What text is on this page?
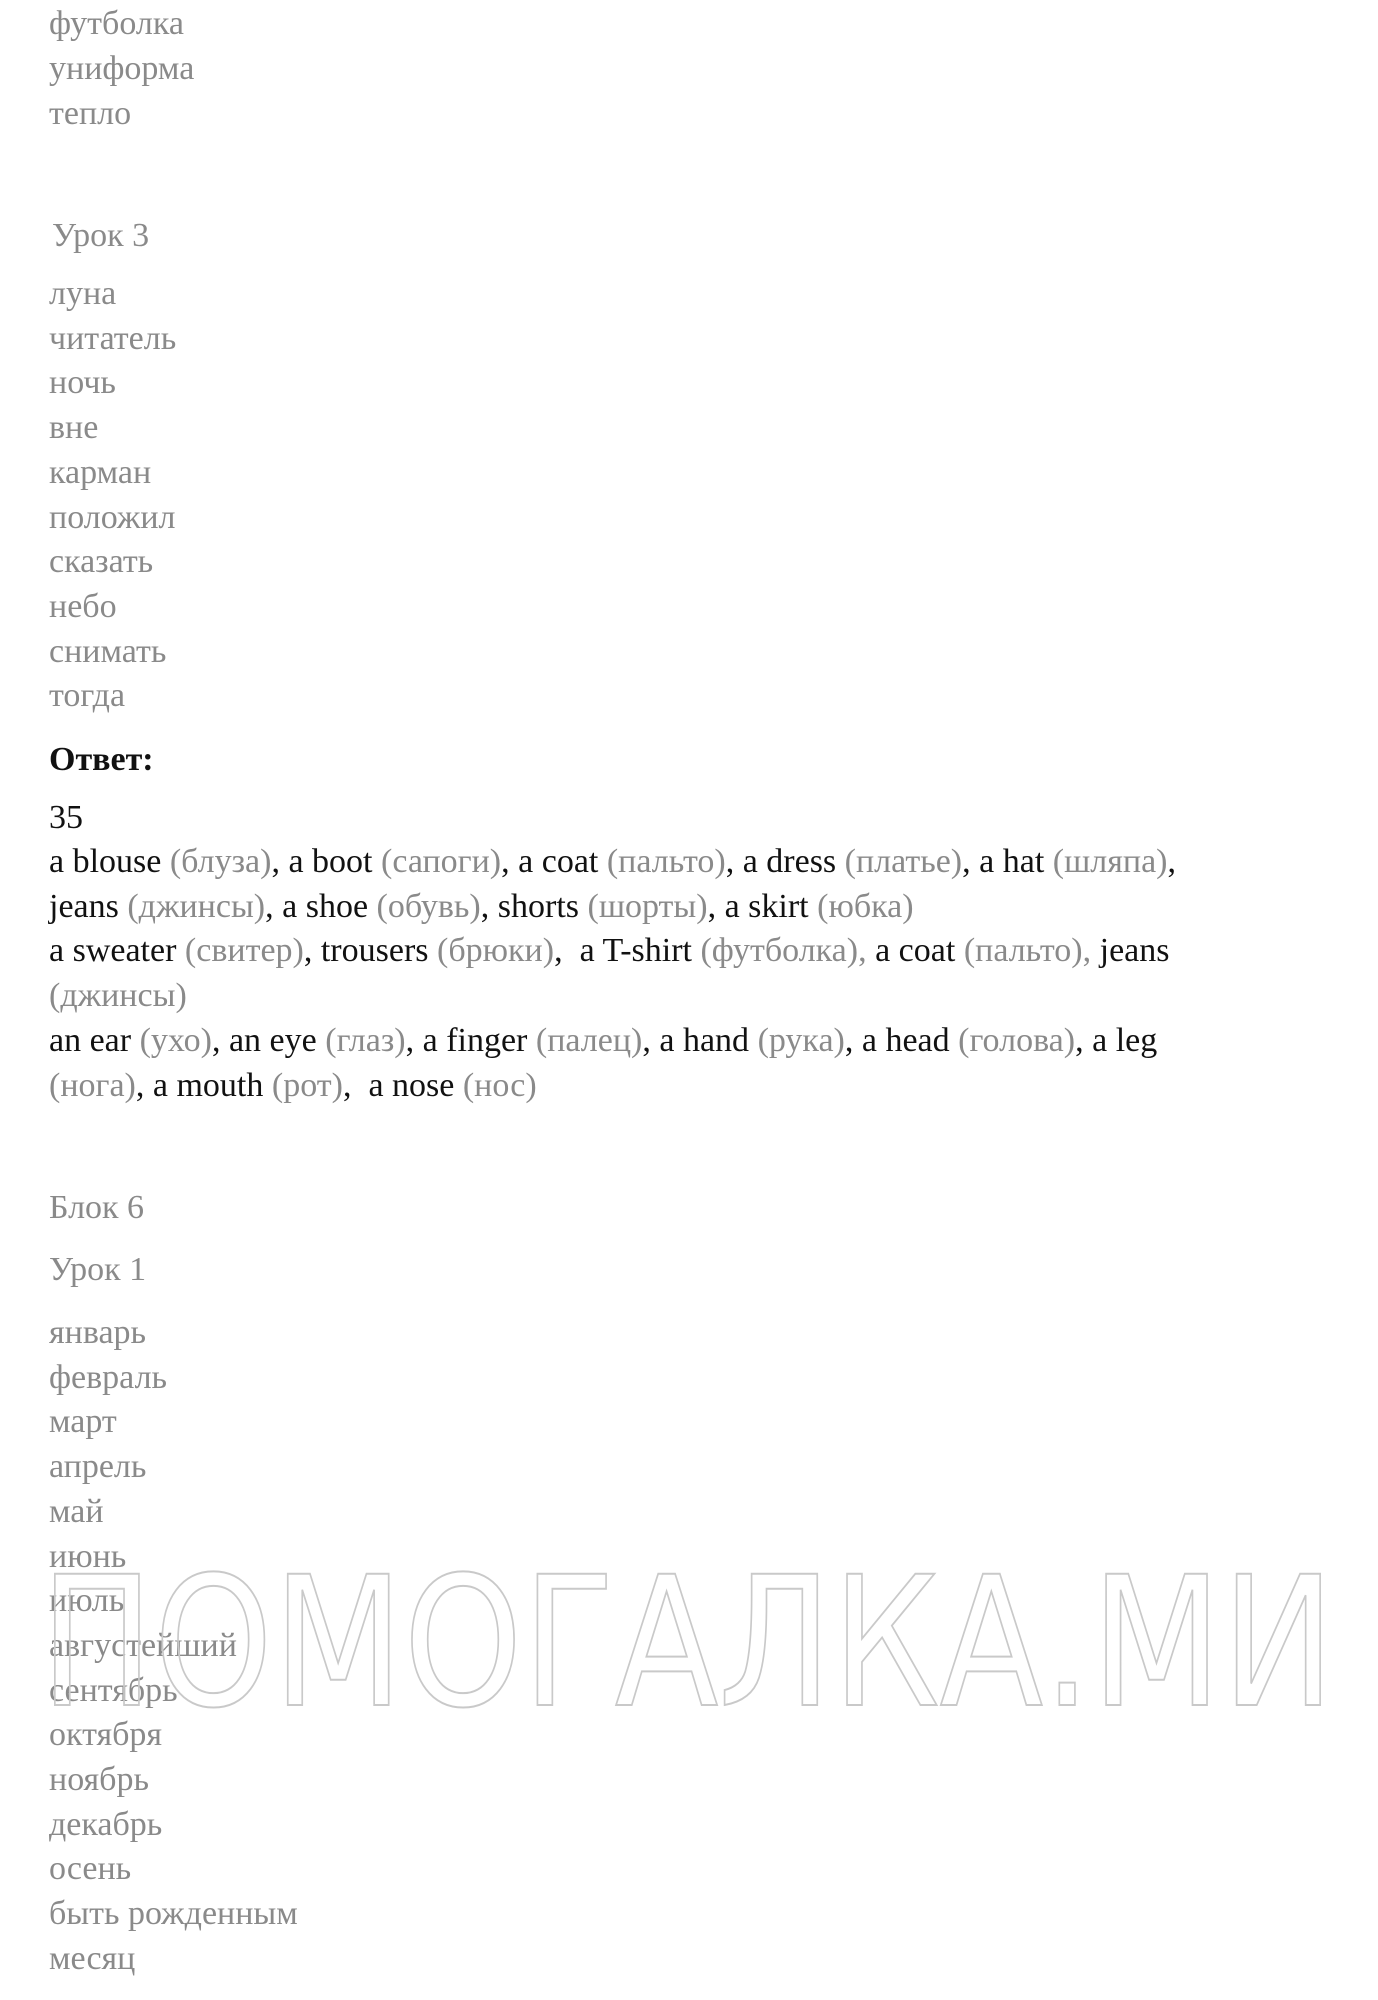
футболка
униформа
тепло
Урок 3
луна
читатель
ночь
вне
карман
положил
сказать
небо
снимать
тогда
Ответ:
35
a blouse (блуза), a boot (сапоги), a coat (пальто), a dress (платье), a hat (шляпа),
jeans (джинсы), a shoe (обувь), shorts (шорты), a skirt (юбка)
a sweater (свитер), trousers (брюки),  a T-shirt (футболка), a coat (пальто), jeans
(джинсы)
an ear (ухо), an eye (глаз), a finger (палец), a hand (рука), a head (голова), a leg
(нога), a mouth (рот),  a nose (нос)
Блок 6
Урок 1
январь
февраль
март
апрель
май
июнь
июль
августейший
сентябрь
октября
ноябрь
декабрь
осень
быть рожденным
месяц
ПОМОГАЛКА.МИ
